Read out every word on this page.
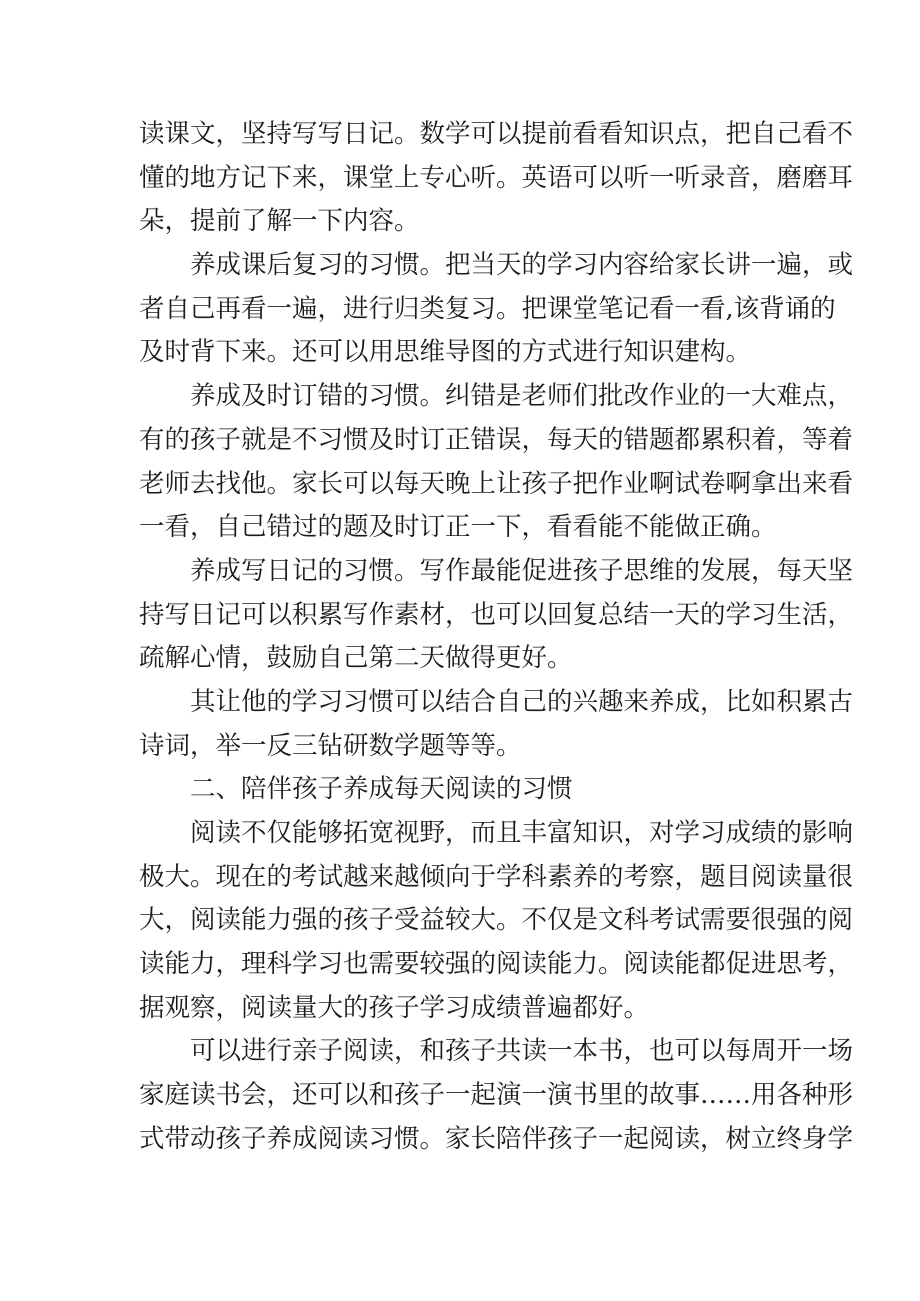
读课文，坚持写写日记。数学可以提前看看知识点，把自己看不
懂的地方记下来，课堂上专心听。英语可以听一听录音，磨磨耳
朵，提前了解一下内容。
养成课后复习的习惯。把当天的学习内容给家长讲一遍，或
者自己再看一遍，进行归类复习。把课堂笔记看一看,该背诵的
及时背下来。还可以用思维导图的方式进行知识建构。
养成及时订错的习惯。纠错是老师们批改作业的一大难点，
有的孩子就是不习惯及时订正错误，每天的错题都累积着，等着
老师去找他。家长可以每天晚上让孩子把作业啊试卷啊拿出来看
一看，自己错过的题及时订正一下，看看能不能做正确。
养成写日记的习惯。写作最能促进孩子思维的发展，每天坚
持写日记可以积累写作素材，也可以回复总结一天的学习生活，
疏解心情，鼓励自己第二天做得更好。
其让他的学习习惯可以结合自己的兴趣来养成，比如积累古
诗词，举一反三钻研数学题等等。
二、陪伴孩子养成每天阅读的习惯
阅读不仅能够拓宽视野，而且丰富知识，对学习成绩的影响
极大。现在的考试越来越倾向于学科素养的考察，题目阅读量很
大，阅读能力强的孩子受益较大。不仅是文科考试需要很强的阅
读能力，理科学习也需要较强的阅读能力。阅读能都促进思考，
据观察，阅读量大的孩子学习成绩普遍都好。
可以进行亲子阅读，和孩子共读一本书，也可以每周开一场
家庭读书会，还可以和孩子一起演一演书里的故事……用各种形
式带动孩子养成阅读习惯。家长陪伴孩子一起阅读，树立终身学
